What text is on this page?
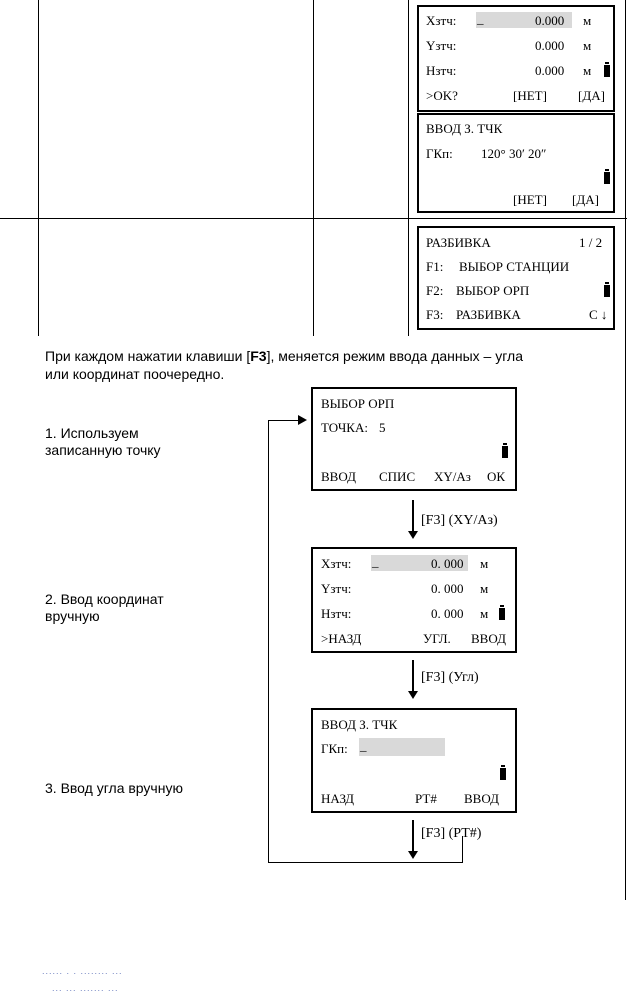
Хзтч: _	0.000 м
Yзтч:	0.000 м
Hзтч:	0.000 м
>OK?	[НЕТ] [ДА]
ВВОД З. ТЧК
ГКп: 120° 30′ 20″
[НЕТ] [ДА]
РАЗБИВКА	1 / 2
F1: ВЫБОР СТАНЦИИ
F2: ВЫБОР ОРП
F3: РАЗБИВКА	C ↓
При каждом нажатии клавиши [F3], меняется режим ввода данных – угла
или координат поочередно.
1. Используем
записанную точку
2. Ввод координат
вручную
3. Ввод угла вручную
ВЫБОР ОРП
ТОЧКА: 5
ВВОД СПИС XY/Аз ОК
[F3] (XY/Аз)
Хзтч: _	0. 000 м
Yзтч:	0. 000 м
Hзтч:	0. 000 м
>НАЗД	УГЛ. ВВОД
[F3] (Угл)
ВВОД З. ТЧК
ГКп: _
НАЗД	РТ# ВВОД
[F3] (РТ#)
...... . . ........ ...
... ... ....... ...
